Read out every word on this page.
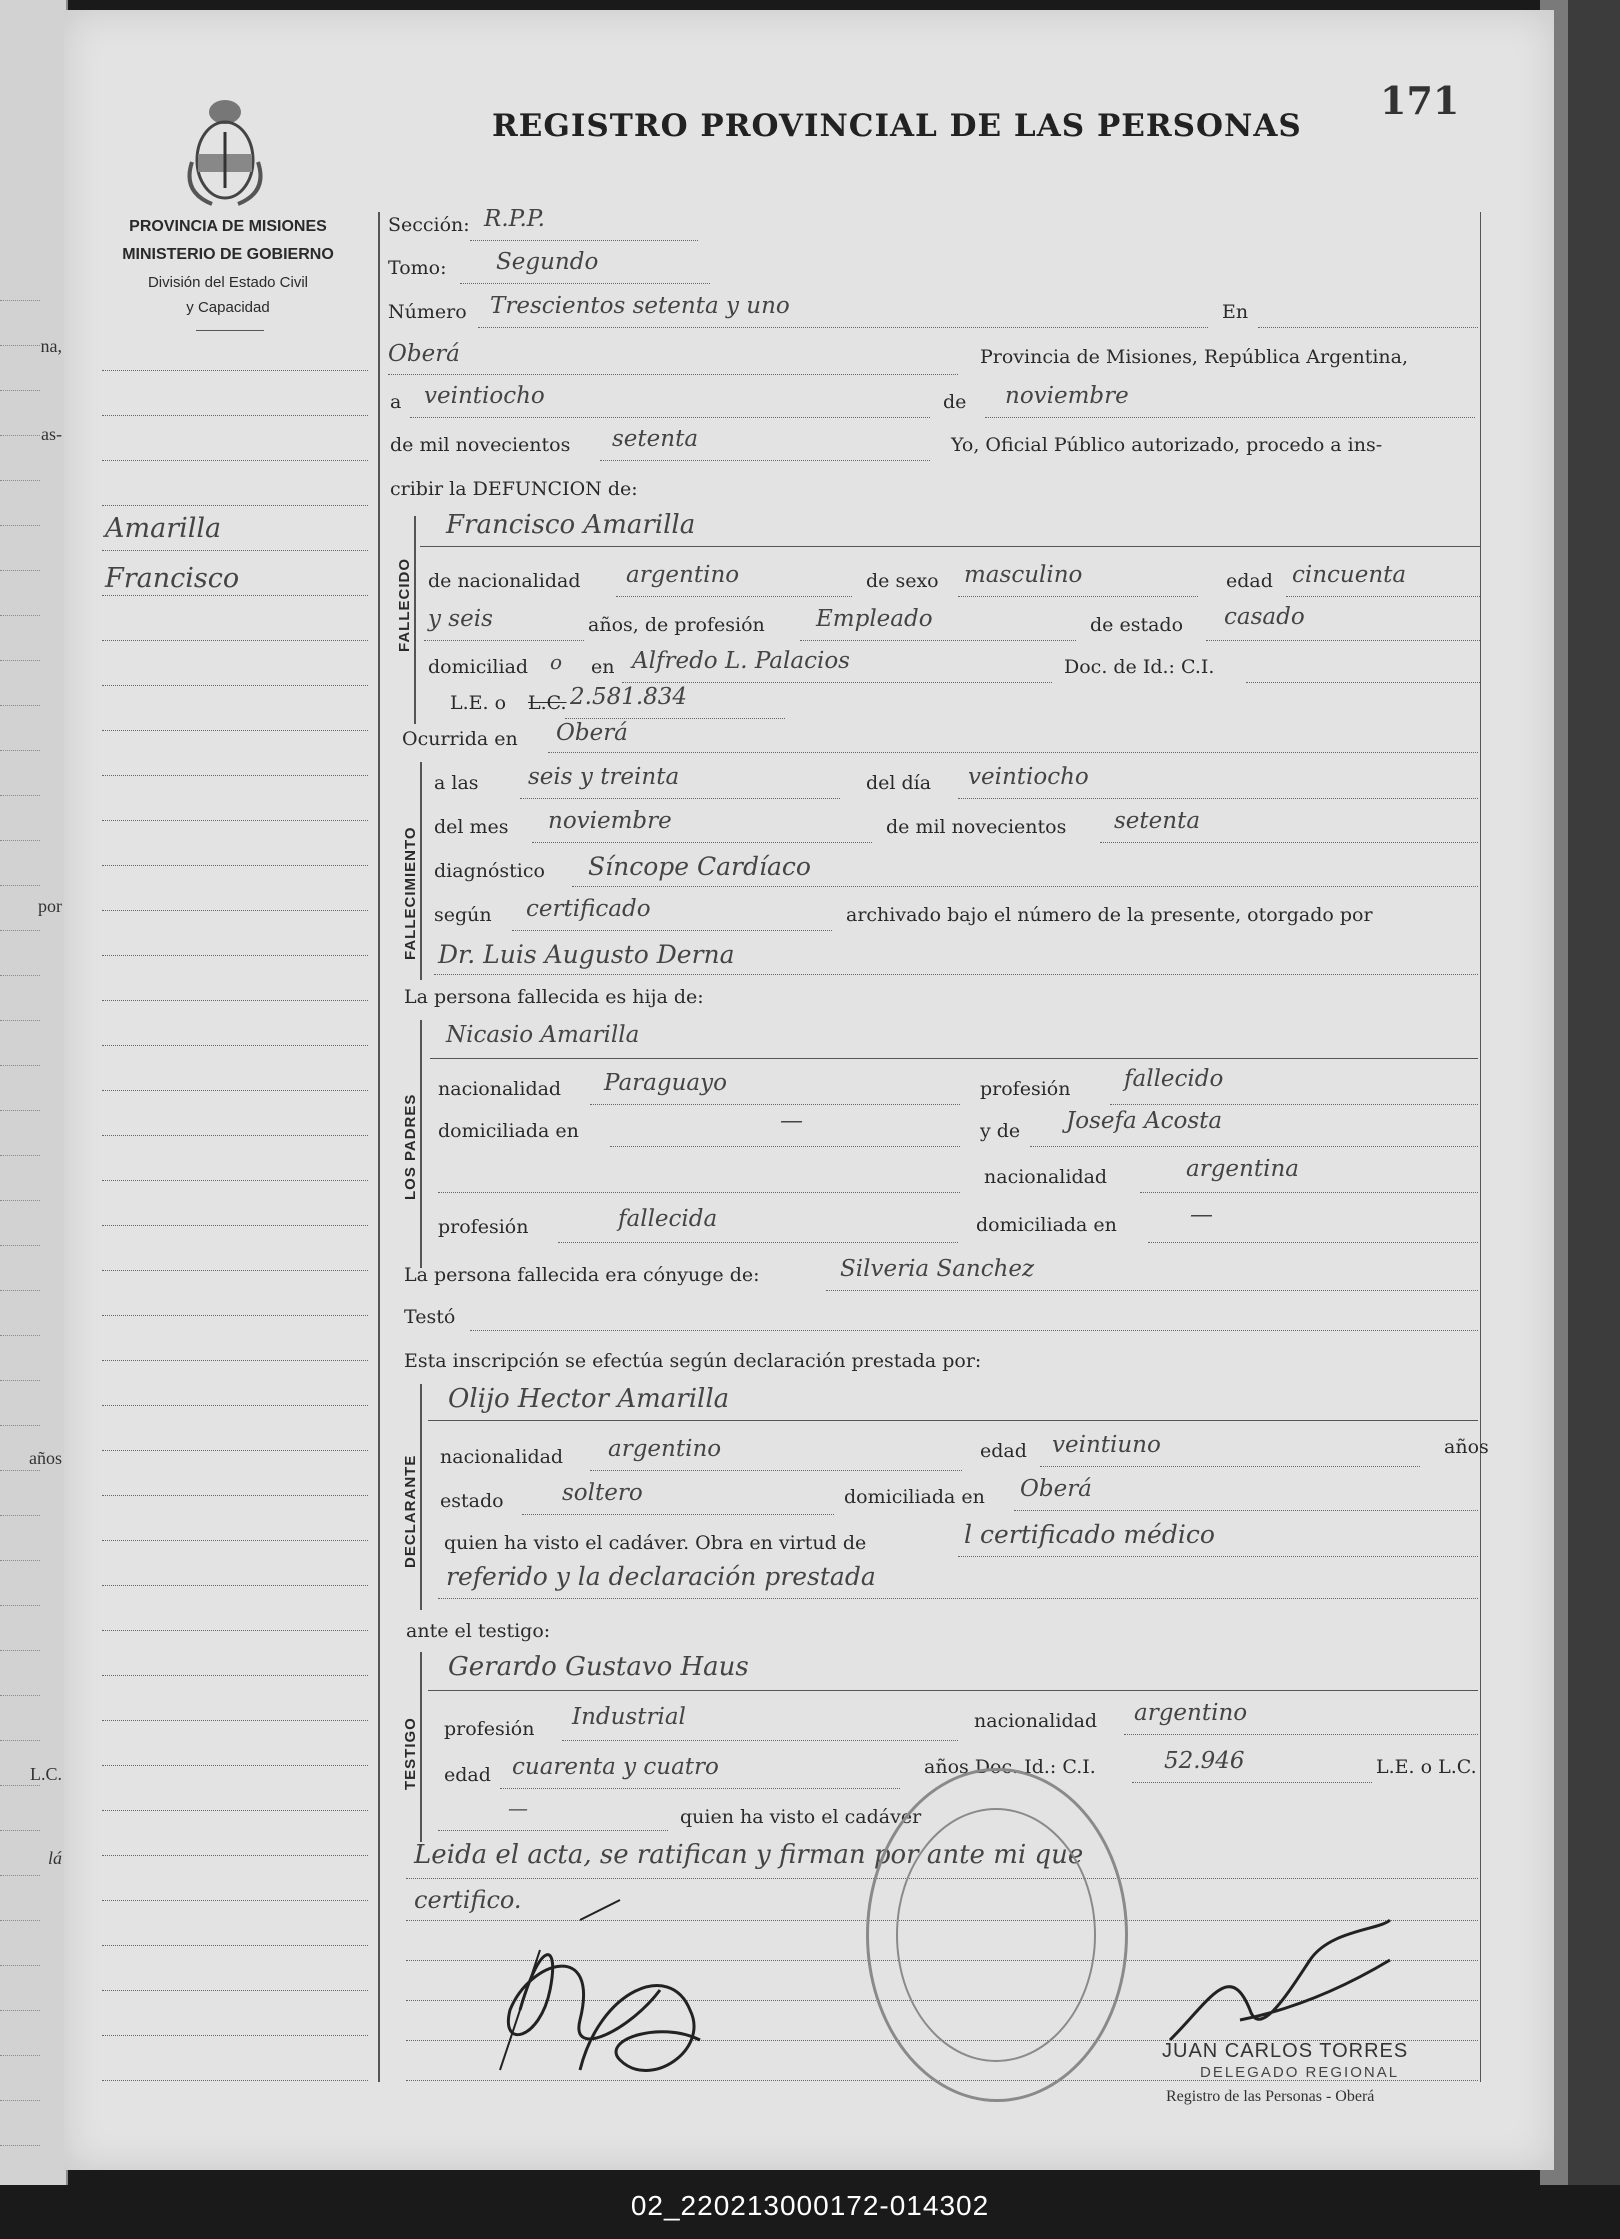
na,
as-
por
años
L.C.
lá
REGISTRO PROVINCIAL DE LAS PERSONAS
171
PROVINCIA DE MISIONES
MINISTERIO DE GOBIERNO
División del Estado Civil
y Capacidad
Amarilla
Francisco
Sección: R.P.P.
Tomo: Segundo
Número Trescientos setenta y uno	En
Oberá	Provincia de Misiones, República Argentina,
a veintiocho	de noviembre
de mil novecientos setenta	Yo, Oficial Público autorizado, procedo a ins-
cribir la DEFUNCION de:
FALLECIDO
Francisco Amarilla
de nacionalidad argentino	de sexo masculino	edad cincuenta
y seis	años, de profesión Empleado	de estado casado
domiciliad o en Alfredo L. Palacios	Doc. de Id.: C.I.
L.E. o L.C. 2.581.834
Ocurrida en Oberá
FALLECIMIENTO
a las seis y treinta	del día veintiocho
del mes noviembre	de mil novecientos setenta
diagnóstico Síncope Cardíaco
según certificado	archivado bajo el número de la presente, otorgado por
Dr. Luis Augusto Derna
La persona fallecida es hija de:
LOS PADRES
Nicasio Amarilla
nacionalidad Paraguayo	profesión fallecido
domiciliada en	—	y de Josefa Acosta
nacionalidad	argentina
profesión	fallecida	domiciliada en	—
La persona fallecida era cónyuge de:	Silveria Sanchez
Testó
Esta inscripción se efectúa según declaración prestada por:
DECLARANTE
Olijo Hector Amarilla
nacionalidad argentino	edad veintiuno	años
estado	soltero	domiciliada en Oberá
quien ha visto el cadáver. Obra en virtud de	l certificado médico
referido y la declaración prestada
ante el testigo:
TESTIGO
Gerardo Gustavo Haus
profesión Industrial	nacionalidad argentino
edad cuarenta y cuatro	años Doc. Id.: C.I.	52.946	L.E. o L.C.
—	quien ha visto el cadáver
Leida el acta, se ratifican y firman por ante mi que
certifico.
JUAN CARLOS TORRES
DELEGADO REGIONAL
Registro de las Personas - Oberá
02_220213000172-014302
